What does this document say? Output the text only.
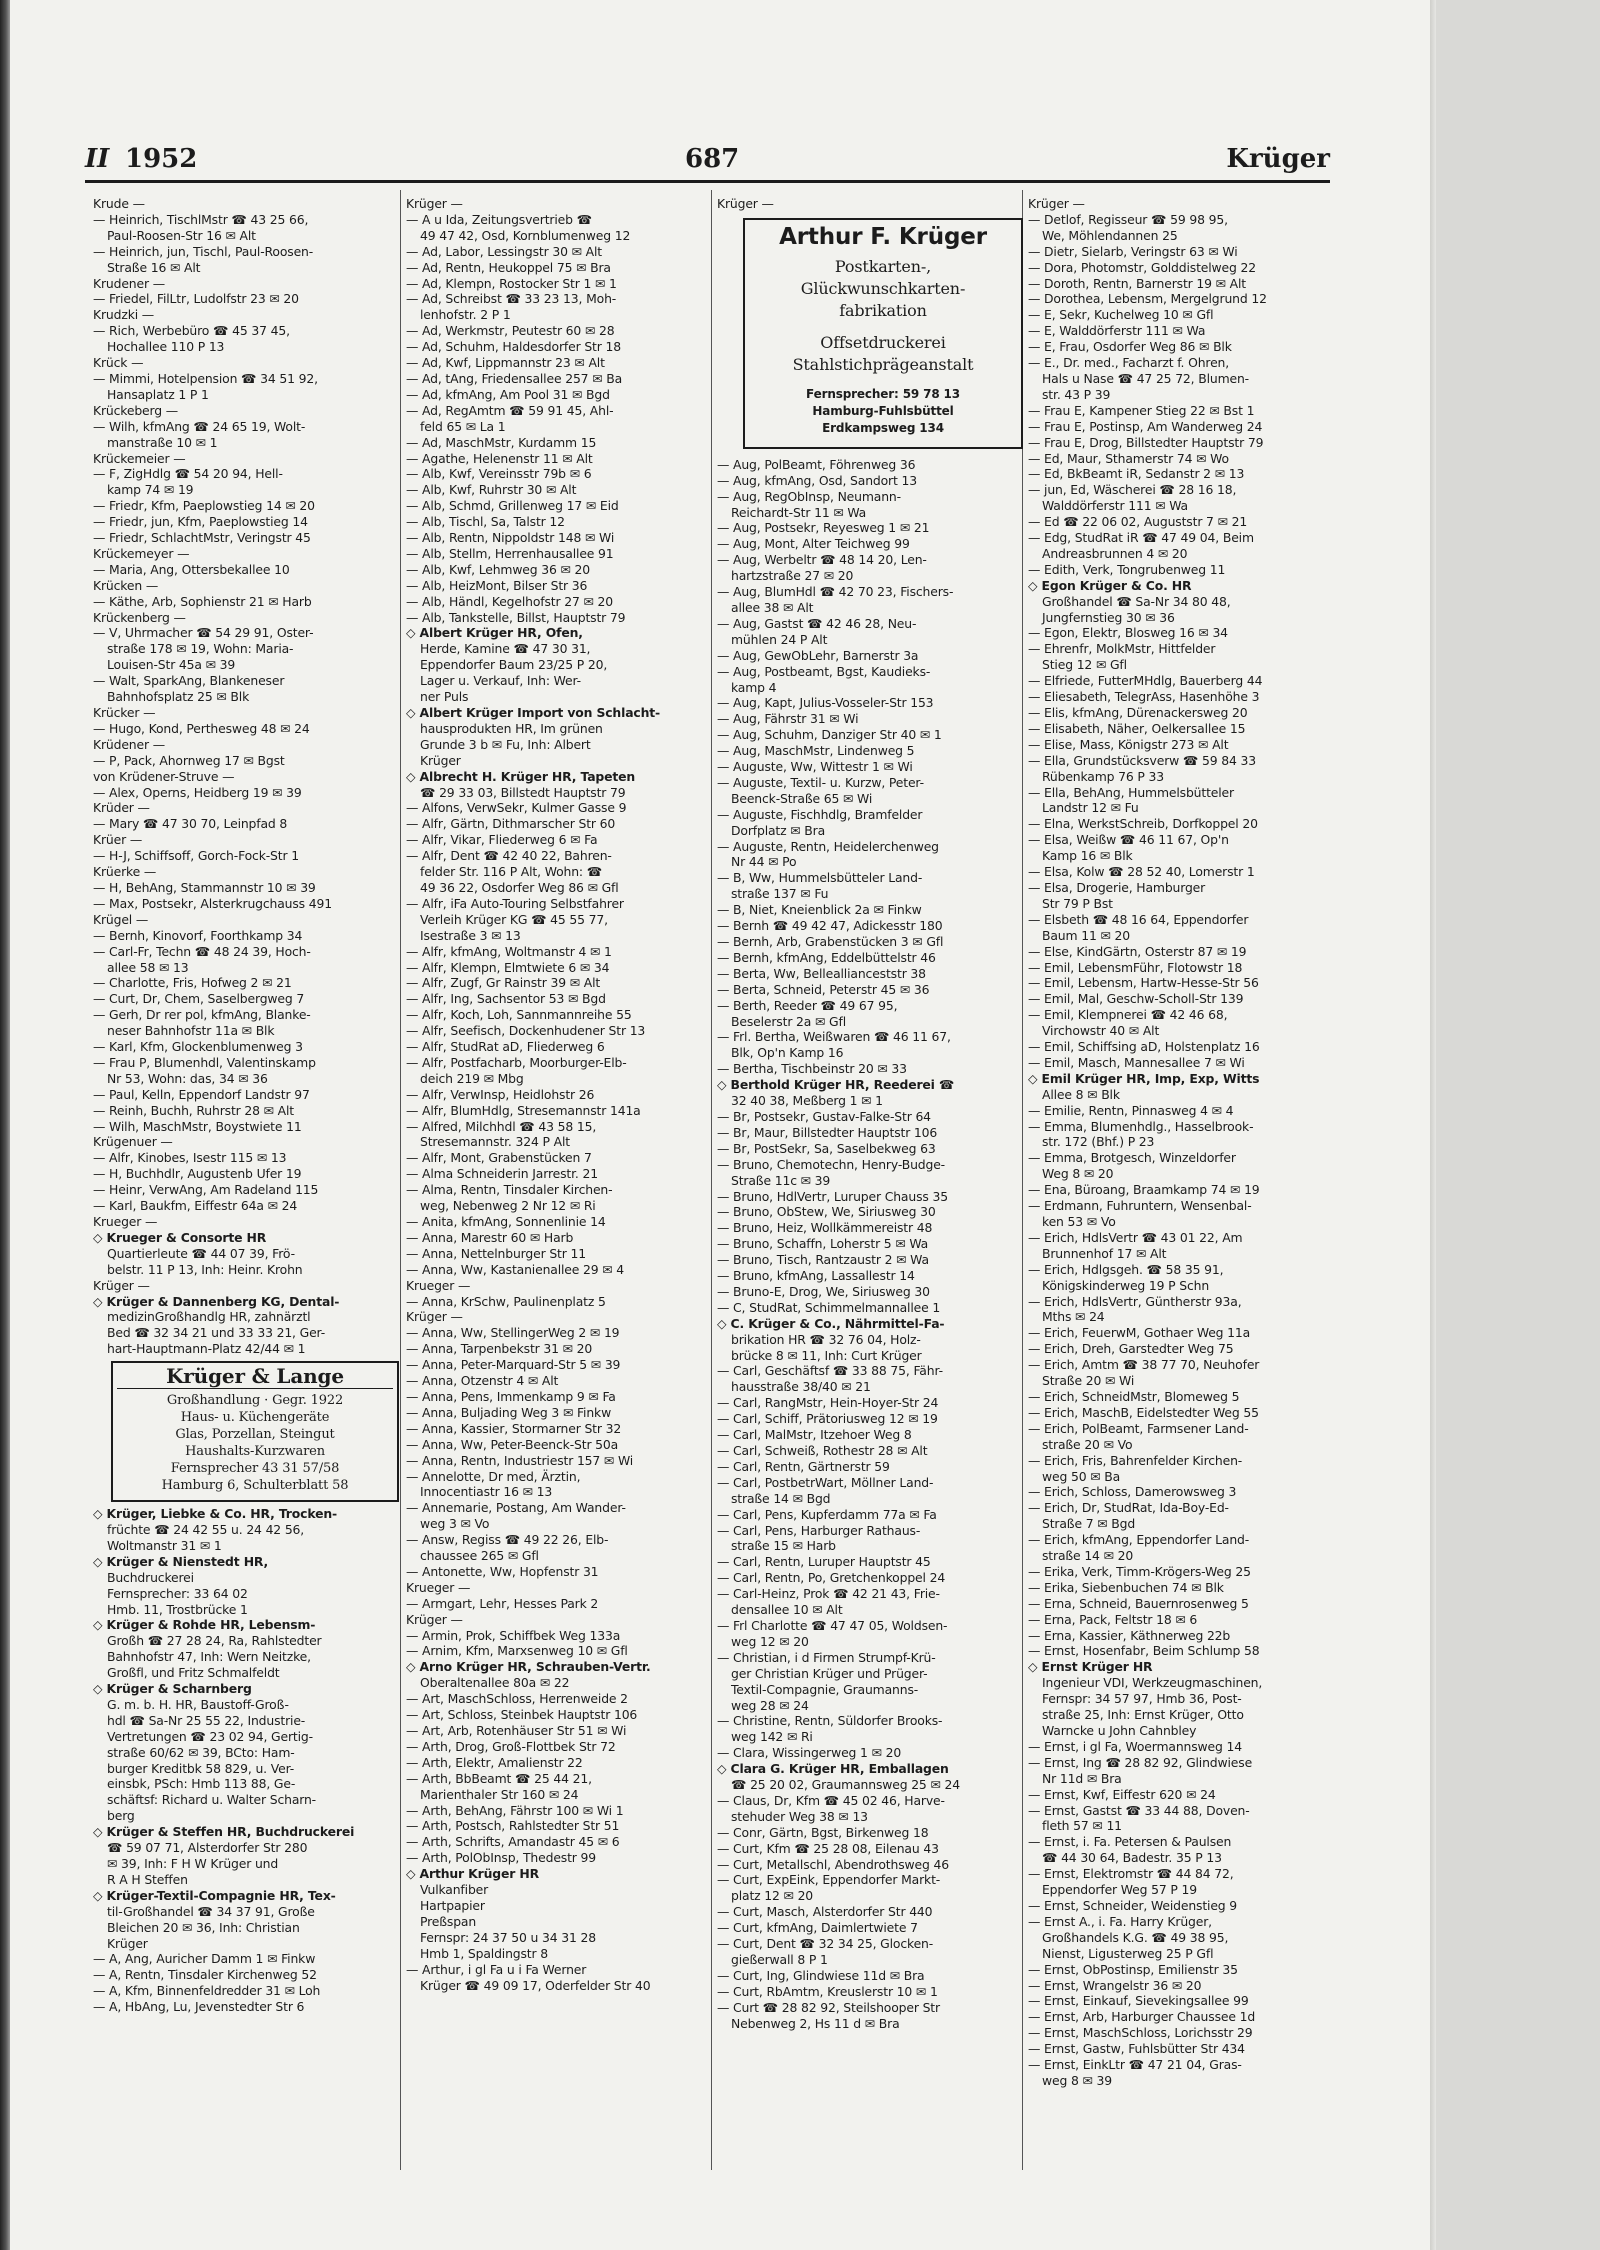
II 1952	687	Krüger
Krude —
— Heinrich, TischlMstr ☎ 43 25 66,
Paul-Roosen-Str 16 ✉ Alt
— Heinrich, jun, Tischl, Paul-Roosen-
Straße 16 ✉ Alt
Krudener —
— Friedel, FilLtr, Ludolfstr 23 ✉ 20
Krudzki —
— Rich, Werbebüro ☎ 45 37 45,
Hochallee 110 P 13
Krück —
— Mimmi, Hotelpension ☎ 34 51 92,
Hansaplatz 1 P 1
Krückeberg —
— Wilh, kfmAng ☎ 24 65 19, Wolt-
manstraße 10 ✉ 1
Krückemeier —
— F, ZigHdlg ☎ 54 20 94, Hell-
kamp 74 ✉ 19
— Friedr, Kfm, Paeplowstieg 14 ✉ 20
— Friedr, jun, Kfm, Paeplowstieg 14
— Friedr, SchlachtMstr, Veringstr 45
Krückemeyer —
— Maria, Ang, Ottersbekallee 10
Krücken —
— Käthe, Arb, Sophienstr 21 ✉ Harb
Krückenberg —
— V, Uhrmacher ☎ 54 29 91, Oster-
straße 178 ✉ 19, Wohn: Maria-
Louisen-Str 45a ✉ 39
— Walt, SparkAng, Blankeneser
Bahnhofsplatz 25 ✉ Blk
Krücker —
— Hugo, Kond, Perthesweg 48 ✉ 24
Krüdener —
— P, Pack, Ahornweg 17 ✉ Bgst
von Krüdener-Struve —
— Alex, Operns, Heidberg 19 ✉ 39
Krüder —
— Mary ☎ 47 30 70, Leinpfad 8
Krüer —
— H-J, Schiffsoff, Gorch-Fock-Str 1
Krüerke —
— H, BehAng, Stammannstr 10 ✉ 39
— Max, Postsekr, Alsterkrugchauss 491
Krügel —
— Bernh, Kinovorf, Foorthkamp 34
— Carl-Fr, Techn ☎ 48 24 39, Hoch-
allee 58 ✉ 13
— Charlotte, Fris, Hofweg 2 ✉ 21
— Curt, Dr, Chem, Saselbergweg 7
— Gerh, Dr rer pol, kfmAng, Blanke-
neser Bahnhofstr 11a ✉ Blk
— Karl, Kfm, Glockenblumenweg 3
— Frau P, Blumenhdl, Valentinskamp
Nr 53, Wohn: das, 34 ✉ 36
— Paul, Kelln, Eppendorf Landstr 97
— Reinh, Buchh, Ruhrstr 28 ✉ Alt
— Wilh, MaschMstr, Boystwiete 11
Krügenuer —
— Alfr, Kinobes, Isestr 115 ✉ 13
— H, Buchhdlr, Augustenb Ufer 19
— Heinr, VerwAng, Am Radeland 115
— Karl, Baukfm, Eiffestr 64a ✉ 24
Krueger —
◇ Krueger & Consorte HR
Quartierleute ☎ 44 07 39, Frö-
belstr. 11 P 13, Inh: Heinr. Krohn
Krüger —
◇ Krüger & Dannenberg KG, Dental-
medizinGroßhandlg HR, zahnärztl
Bed ☎ 32 34 21 und 33 33 21, Ger-
hart-Hauptmann-Platz 42/44 ✉ 1
Krüger & Lange
Großhandlung · Gegr. 1922
Haus- u. Küchengeräte
Glas, Porzellan, Steingut
Haushalts-Kurzwaren
Fernsprecher 43 31 57/58
Hamburg 6, Schulterblatt 58
◇ Krüger, Liebke & Co. HR, Trocken-
früchte ☎ 24 42 55 u. 24 42 56,
Woltmanstr 31 ✉ 1
◇ Krüger & Nienstedt HR,
Buchdruckerei
Fernsprecher: 33 64 02
Hmb. 11, Trostbrücke 1
◇ Krüger & Rohde HR, Lebensm-
Großh ☎ 27 28 24, Ra, Rahlstedter
Bahnhofstr 47, Inh: Wern Neitzke,
Großfl, und Fritz Schmalfeldt
◇ Krüger & Scharnberg
G. m. b. H. HR, Baustoff-Groß-
hdl ☎ Sa-Nr 25 55 22, Industrie-
Vertretungen ☎ 23 02 94, Gertig-
straße 60/62 ✉ 39, BCto: Ham-
burger Kreditbk 58 829, u. Ver-
einsbk, PSch: Hmb 113 88, Ge-
schäftsf: Richard u. Walter Scharn-
berg
◇ Krüger & Steffen HR, Buchdruckerei
☎ 59 07 71, Alsterdorfer Str 280
✉ 39, Inh: F H W Krüger und
R A H Steffen
◇ Krüger-Textil-Compagnie HR, Tex-
til-Großhandel ☎ 34 37 91, Große
Bleichen 20 ✉ 36, Inh: Christian
Krüger
— A, Ang, Auricher Damm 1 ✉ Finkw
— A, Rentn, Tinsdaler Kirchenweg 52
— A, Kfm, Binnenfeldredder 31 ✉ Loh
— A, HbAng, Lu, Jevenstedter Str 6
Krüger —
— A u Ida, Zeitungsvertrieb ☎
49 47 42, Osd, Kornblumenweg 12
— Ad, Labor, Lessingstr 30 ✉ Alt
— Ad, Rentn, Heukoppel 75 ✉ Bra
— Ad, Klempn, Rostocker Str 1 ✉ 1
— Ad, Schreibst ☎ 33 23 13, Moh-
lenhofstr. 2 P 1
— Ad, Werkmstr, Peutestr 60 ✉ 28
— Ad, Schuhm, Haldesdorfer Str 18
— Ad, Kwf, Lippmannstr 23 ✉ Alt
— Ad, tAng, Friedensallee 257 ✉ Ba
— Ad, kfmAng, Am Pool 31 ✉ Bgd
— Ad, RegAmtm ☎ 59 91 45, Ahl-
feld 65 ✉ La 1
— Ad, MaschMstr, Kurdamm 15
— Agathe, Helenenstr 11 ✉ Alt
— Alb, Kwf, Vereinsstr 79b ✉ 6
— Alb, Kwf, Ruhrstr 30 ✉ Alt
— Alb, Schmd, Grillenweg 17 ✉ Eid
— Alb, Tischl, Sa, Talstr 12
— Alb, Rentn, Nippoldstr 148 ✉ Wi
— Alb, Stellm, Herrenhausallee 91
— Alb, Kwf, Lehmweg 36 ✉ 20
— Alb, HeizMont, Bilser Str 36
— Alb, Händl, Kegelhofstr 27 ✉ 20
— Alb, Tankstelle, Billst, Hauptstr 79
◇ Albert Krüger HR, Ofen,
Herde, Kamine ☎ 47 30 31,
Eppendorfer Baum 23/25 P 20,
Lager u. Verkauf, Inh: Wer-
ner Puls
◇ Albert Krüger Import von Schlacht-
hausprodukten HR, Im grünen
Grunde 3 b ✉ Fu, Inh: Albert
Krüger
◇ Albrecht H. Krüger HR, Tapeten
☎ 29 33 03, Billstedt Hauptstr 79
— Alfons, VerwSekr, Kulmer Gasse 9
— Alfr, Gärtn, Dithmarscher Str 60
— Alfr, Vikar, Fliederweg 6 ✉ Fa
— Alfr, Dent ☎ 42 40 22, Bahren-
felder Str. 116 P Alt, Wohn: ☎
49 36 22, Osdorfer Weg 86 ✉ Gfl
— Alfr, iFa Auto-Touring Selbstfahrer
Verleih Krüger KG ☎ 45 55 77,
Isestraße 3 ✉ 13
— Alfr, kfmAng, Woltmanstr 4 ✉ 1
— Alfr, Klempn, Elmtwiete 6 ✉ 34
— Alfr, Zugf, Gr Rainstr 39 ✉ Alt
— Alfr, Ing, Sachsentor 53 ✉ Bgd
— Alfr, Koch, Loh, Sannmannreihe 55
— Alfr, Seefisch, Dockenhudener Str 13
— Alfr, StudRat aD, Fliederweg 6
— Alfr, Postfacharb, Moorburger-Elb-
deich 219 ✉ Mbg
— Alfr, VerwInsp, Heidlohstr 26
— Alfr, BlumHdlg, Stresemannstr 141a
— Alfred, Milchhdl ☎ 43 58 15,
Stresemannstr. 324 P Alt
— Alfr, Mont, Grabenstücken 7
— Alma Schneiderin Jarrestr. 21
— Alma, Rentn, Tinsdaler Kirchen-
weg, Nebenweg 2 Nr 12 ✉ Ri
— Anita, kfmAng, Sonnenlinie 14
— Anna, Marestr 60 ✉ Harb
— Anna, Nettelnburger Str 11
— Anna, Ww, Kastanienallee 29 ✉ 4
Krueger —
— Anna, KrSchw, Paulinenplatz 5
Krüger —
— Anna, Ww, StellingerWeg 2 ✉ 19
— Anna, Tarpenbekstr 31 ✉ 20
— Anna, Peter-Marquard-Str 5 ✉ 39
— Anna, Otzenstr 4 ✉ Alt
— Anna, Pens, Immenkamp 9 ✉ Fa
— Anna, Buljading Weg 3 ✉ Finkw
— Anna, Kassier, Stormarner Str 32
— Anna, Ww, Peter-Beenck-Str 50a
— Anna, Rentn, Industriestr 157 ✉ Wi
— Annelotte, Dr med, Ärztin,
Innocentiastr 16 ✉ 13
— Annemarie, Postang, Am Wander-
weg 3 ✉ Vo
— Answ, Regiss ☎ 49 22 26, Elb-
chaussee 265 ✉ Gfl
— Antonette, Ww, Hopfenstr 31
Krueger —
— Armgart, Lehr, Hesses Park 2
Krüger —
— Armin, Prok, Schiffbek Weg 133a
— Arnim, Kfm, Marxsenweg 10 ✉ Gfl
◇ Arno Krüger HR, Schrauben-Vertr.
Oberaltenallee 80a ✉ 22
— Art, MaschSchloss, Herrenweide 2
— Art, Schloss, Steinbek Hauptstr 106
— Art, Arb, Rotenhäuser Str 51 ✉ Wi
— Arth, Drog, Groß-Flottbek Str 72
— Arth, Elektr, Amalienstr 22
— Arth, BbBeamt ☎ 25 44 21,
Marienthaler Str 160 ✉ 24
— Arth, BehAng, Fährstr 100 ✉ Wi 1
— Arth, Postsch, Rahlstedter Str 51
— Arth, Schrifts, Amandastr 45 ✉ 6
— Arth, PolObInsp, Thedestr 99
◇ Arthur Krüger HR
Vulkanfiber
Hartpapier
Preßspan
Fernspr: 24 37 50 u 34 31 28
Hmb 1, Spaldingstr 8
— Arthur, i gl Fa u i Fa Werner
Krüger ☎ 49 09 17, Oderfelder Str 40
Krüger —
Arthur F. Krüger
Postkarten-,
Glückwunschkarten-
fabrikation
Offsetdruckerei
Stahlstichprägeanstalt
Fernsprecher: 59 78 13
Hamburg-Fuhlsbüttel
Erdkampsweg 134
— Aug, PolBeamt, Föhrenweg 36
— Aug, kfmAng, Osd, Sandort 13
— Aug, RegObInsp, Neumann-
Reichardt-Str 11 ✉ Wa
— Aug, Postsekr, Reyesweg 1 ✉ 21
— Aug, Mont, Alter Teichweg 99
— Aug, Werbeltr ☎ 48 14 20, Len-
hartzstraße 27 ✉ 20
— Aug, BlumHdl ☎ 42 70 23, Fischers-
allee 38 ✉ Alt
— Aug, Gastst ☎ 42 46 28, Neu-
mühlen 24 P Alt
— Aug, GewObLehr, Barnerstr 3a
— Aug, Postbeamt, Bgst, Kaudieks-
kamp 4
— Aug, Kapt, Julius-Vosseler-Str 153
— Aug, Fährstr 31 ✉ Wi
— Aug, Schuhm, Danziger Str 40 ✉ 1
— Aug, MaschMstr, Lindenweg 5
— Auguste, Ww, Wittestr 1 ✉ Wi
— Auguste, Textil- u. Kurzw, Peter-
Beenck-Straße 65 ✉ Wi
— Auguste, Fischhdlg, Bramfelder
Dorfplatz ✉ Bra
— Auguste, Rentn, Heidelerchenweg
Nr 44 ✉ Po
— B, Ww, Hummelsbütteler Land-
straße 137 ✉ Fu
— B, Niet, Kneienblick 2a ✉ Finkw
— Bernh ☎ 49 42 47, Adickesstr 180
— Bernh, Arb, Grabenstücken 3 ✉ Gfl
— Bernh, kfmAng, Eddelbüttelstr 46
— Berta, Ww, Belleallianceststr 38
— Berta, Schneid, Peterstr 45 ✉ 36
— Berth, Reeder ☎ 49 67 95,
Beselerstr 2a ✉ Gfl
— Frl. Bertha, Weißwaren ☎ 46 11 67,
Blk, Op'n Kamp 16
— Bertha, Tischbeinstr 20 ✉ 33
◇ Berthold Krüger HR, Reederei ☎
32 40 38, Meßberg 1 ✉ 1
— Br, Postsekr, Gustav-Falke-Str 64
— Br, Maur, Billstedter Hauptstr 106
— Br, PostSekr, Sa, Saselbekweg 63
— Bruno, Chemotechn, Henry-Budge-
Straße 11c ✉ 39
— Bruno, HdlVertr, Luruper Chauss 35
— Bruno, ObStew, We, Siriusweg 30
— Bruno, Heiz, Wollkämmereistr 48
— Bruno, Schaffn, Loherstr 5 ✉ Wa
— Bruno, Tisch, Rantzaustr 2 ✉ Wa
— Bruno, kfmAng, Lassallestr 14
— Bruno-E, Drog, We, Siriusweg 30
— C, StudRat, Schimmelmannallee 1
◇ C. Krüger & Co., Nährmittel-Fa-
brikation HR ☎ 32 76 04, Holz-
brücke 8 ✉ 11, Inh: Curt Krüger
— Carl, Geschäftsf ☎ 33 88 75, Fähr-
hausstraße 38/40 ✉ 21
— Carl, RangMstr, Hein-Hoyer-Str 24
— Carl, Schiff, Prätoriusweg 12 ✉ 19
— Carl, MalMstr, Itzehoer Weg 8
— Carl, Schweiß, Rothestr 28 ✉ Alt
— Carl, Rentn, Gärtnerstr 59
— Carl, PostbetrWart, Möllner Land-
straße 14 ✉ Bgd
— Carl, Pens, Kupferdamm 77a ✉ Fa
— Carl, Pens, Harburger Rathaus-
straße 15 ✉ Harb
— Carl, Rentn, Luruper Hauptstr 45
— Carl, Rentn, Po, Gretchenkoppel 24
— Carl-Heinz, Prok ☎ 42 21 43, Frie-
densallee 10 ✉ Alt
— Frl Charlotte ☎ 47 47 05, Woldsen-
weg 12 ✉ 20
— Christian, i d Firmen Strumpf-Krü-
ger Christian Krüger und Prüger-
Textil-Compagnie, Graumanns-
weg 28 ✉ 24
— Christine, Rentn, Süldorfer Brooks-
weg 142 ✉ Ri
— Clara, Wissingerweg 1 ✉ 20
◇ Clara G. Krüger HR, Emballagen
☎ 25 20 02, Graumannsweg 25 ✉ 24
— Claus, Dr, Kfm ☎ 45 02 46, Harve-
stehuder Weg 38 ✉ 13
— Conr, Gärtn, Bgst, Birkenweg 18
— Curt, Kfm ☎ 25 28 08, Eilenau 43
— Curt, Metallschl, Abendrothsweg 46
— Curt, ExpEink, Eppendorfer Markt-
platz 12 ✉ 20
— Curt, Masch, Alsterdorfer Str 440
— Curt, kfmAng, Daimlertwiete 7
— Curt, Dent ☎ 32 34 25, Glocken-
gießerwall 8 P 1
— Curt, Ing, Glindwiese 11d ✉ Bra
— Curt, RbAmtm, Kreuslerstr 10 ✉ 1
— Curt ☎ 28 82 92, Steilshooper Str
Nebenweg 2, Hs 11 d ✉ Bra
Krüger —
— Detlof, Regisseur ☎ 59 98 95,
We, Möhlendannen 25
— Dietr, Sielarb, Veringstr 63 ✉ Wi
— Dora, Photomstr, Golddistelweg 22
— Doroth, Rentn, Barnerstr 19 ✉ Alt
— Dorothea, Lebensm, Mergelgrund 12
— E, Sekr, Kuchelweg 10 ✉ Gfl
— E, Walddörferstr 111 ✉ Wa
— E, Frau, Osdorfer Weg 86 ✉ Blk
— E., Dr. med., Facharzt f. Ohren,
Hals u Nase ☎ 47 25 72, Blumen-
str. 43 P 39
— Frau E, Kampener Stieg 22 ✉ Bst 1
— Frau E, Postinsp, Am Wanderweg 24
— Frau E, Drog, Billstedter Hauptstr 79
— Ed, Maur, Sthamerstr 74 ✉ Wo
— Ed, BkBeamt iR, Sedanstr 2 ✉ 13
— jun, Ed, Wäscherei ☎ 28 16 18,
Walddörferstr 111 ✉ Wa
— Ed ☎ 22 06 02, Auguststr 7 ✉ 21
— Edg, StudRat iR ☎ 47 49 04, Beim
Andreasbrunnen 4 ✉ 20
— Edith, Verk, Tongrubenweg 11
◇ Egon Krüger & Co. HR
Großhandel ☎ Sa-Nr 34 80 48,
Jungfernstieg 30 ✉ 36
— Egon, Elektr, Blosweg 16 ✉ 34
— Ehrenfr, MolkMstr, Hittfelder
Stieg 12 ✉ Gfl
— Elfriede, FutterMHdlg, Bauerberg 44
— Eliesabeth, TelegrAss, Hasenhöhe 3
— Elis, kfmAng, Dürenackersweg 20
— Elisabeth, Näher, Oelkersallee 15
— Elise, Mass, Königstr 273 ✉ Alt
— Ella, Grundstücksverw ☎ 59 84 33
Rübenkamp 76 P 33
— Ella, BehAng, Hummelsbütteler
Landstr 12 ✉ Fu
— Elna, WerkstSchreib, Dorfkoppel 20
— Elsa, Weißw ☎ 46 11 67, Op'n
Kamp 16 ✉ Blk
— Elsa, Kolw ☎ 28 52 40, Lomerstr 1
— Elsa, Drogerie, Hamburger
Str 79 P Bst
— Elsbeth ☎ 48 16 64, Eppendorfer
Baum 11 ✉ 20
— Else, KindGärtn, Osterstr 87 ✉ 19
— Emil, LebensmFühr, Flotowstr 18
— Emil, Lebensm, Hartw-Hesse-Str 56
— Emil, Mal, Geschw-Scholl-Str 139
— Emil, Klempnerei ☎ 42 46 68,
Virchowstr 40 ✉ Alt
— Emil, Schiffsing aD, Holstenplatz 16
— Emil, Masch, Mannesallee 7 ✉ Wi
◇ Emil Krüger HR, Imp, Exp, Witts
Allee 8 ✉ Blk
— Emilie, Rentn, Pinnasweg 4 ✉ 4
— Emma, Blumenhdlg., Hasselbrook-
str. 172 (Bhf.) P 23
— Emma, Brotgesch, Winzeldorfer
Weg 8 ✉ 20
— Ena, Büroang, Braamkamp 74 ✉ 19
— Erdmann, Fuhruntern, Wensenbal-
ken 53 ✉ Vo
— Erich, HdlsVertr ☎ 43 01 22, Am
Brunnenhof 17 ✉ Alt
— Erich, Hdlgsgeh. ☎ 58 35 91,
Königskinderweg 19 P Schn
— Erich, HdlsVertr, Güntherstr 93a,
Mths ✉ 24
— Erich, FeuerwM, Gothaer Weg 11a
— Erich, Dreh, Garstedter Weg 75
— Erich, Amtm ☎ 38 77 70, Neuhofer
Straße 20 ✉ Wi
— Erich, SchneidMstr, Blomeweg 5
— Erich, MaschB, Eidelstedter Weg 55
— Erich, PolBeamt, Farmsener Land-
straße 20 ✉ Vo
— Erich, Fris, Bahrenfelder Kirchen-
weg 50 ✉ Ba
— Erich, Schloss, Damerowsweg 3
— Erich, Dr, StudRat, Ida-Boy-Ed-
Straße 7 ✉ Bgd
— Erich, kfmAng, Eppendorfer Land-
straße 14 ✉ 20
— Erika, Verk, Timm-Krögers-Weg 25
— Erika, Siebenbuchen 74 ✉ Blk
— Erna, Schneid, Bauernrosenweg 5
— Erna, Pack, Feltstr 18 ✉ 6
— Erna, Kassier, Käthnerweg 22b
— Ernst, Hosenfabr, Beim Schlump 58
◇ Ernst Krüger HR
Ingenieur VDI, Werkzeugmaschinen,
Fernspr: 34 57 97, Hmb 36, Post-
straße 25, Inh: Ernst Krüger, Otto
Warncke u John Cahnbley
— Ernst, i gl Fa, Woermannsweg 14
— Ernst, Ing ☎ 28 82 92, Glindwiese
Nr 11d ✉ Bra
— Ernst, Kwf, Eiffestr 620 ✉ 24
— Ernst, Gastst ☎ 33 44 88, Doven-
fleth 57 ✉ 11
— Ernst, i. Fa. Petersen & Paulsen
☎ 44 30 64, Badestr. 35 P 13
— Ernst, Elektromstr ☎ 44 84 72,
Eppendorfer Weg 57 P 19
— Ernst, Schneider, Weidenstieg 9
— Ernst A., i. Fa. Harry Krüger,
Großhandels K.G. ☎ 49 38 95,
Nienst, Ligusterweg 25 P Gfl
— Ernst, ObPostinsp, Emilienstr 35
— Ernst, Wrangelstr 36 ✉ 20
— Ernst, Einkauf, Sievekingsallee 99
— Ernst, Arb, Harburger Chaussee 1d
— Ernst, MaschSchloss, Lorichsstr 29
— Ernst, Gastw, Fuhlsbütter Str 434
— Ernst, EinkLtr ☎ 47 21 04, Gras-
weg 8 ✉ 39
